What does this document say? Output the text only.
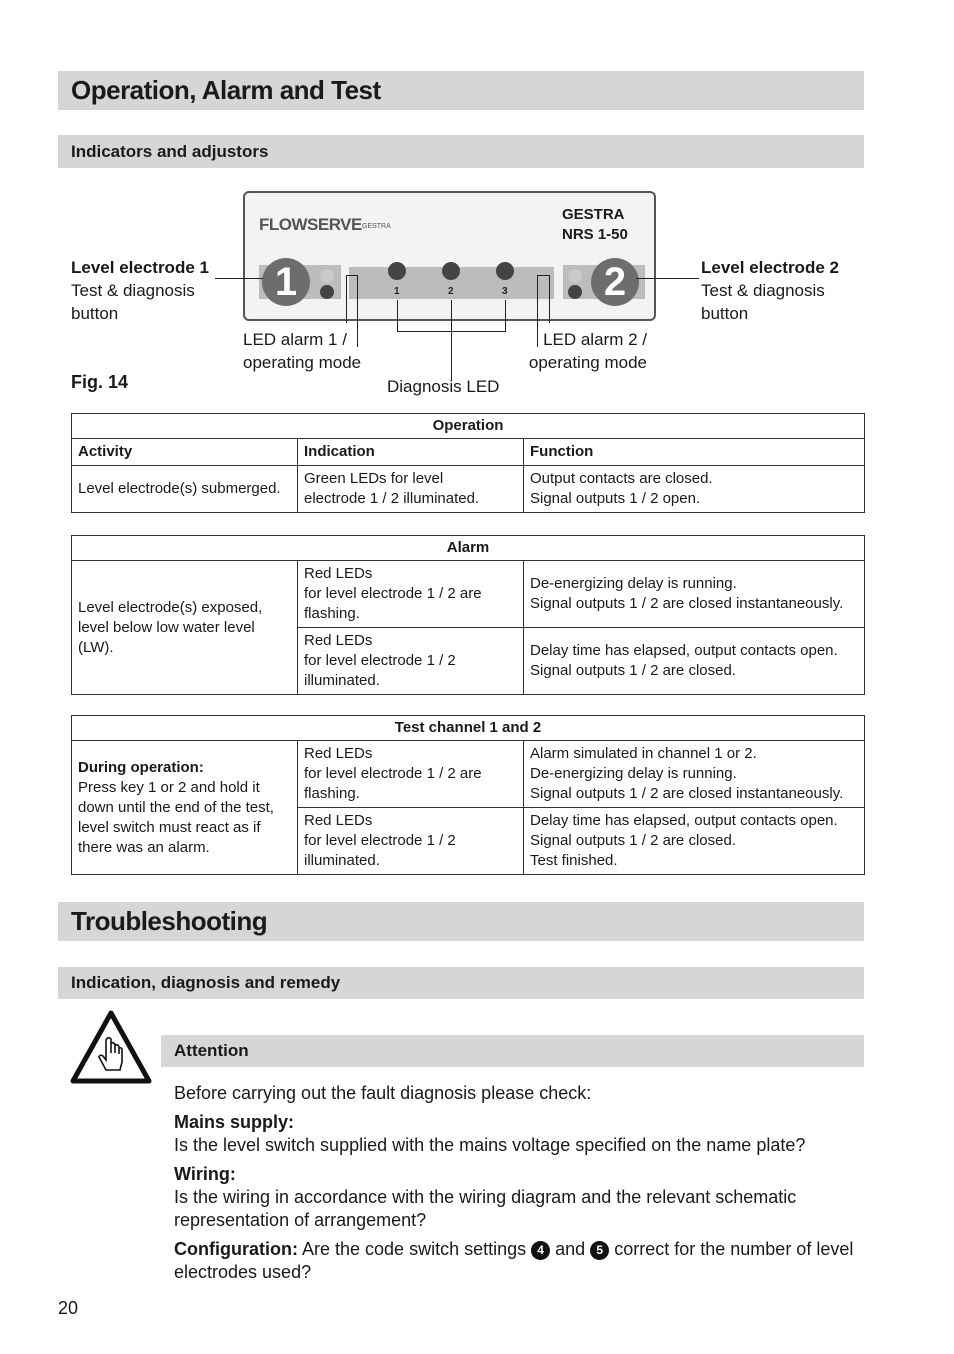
Operation, Alarm and Test
Indicators and adjustors
FLOWSERVE GESTRA
GESTRA
NRS 1-50
1	1	2	3	2
Level electrode 1
Test & diagnosis
button
Level electrode 2
Test & diagnosis
button
LED alarm 1 /
operating mode
LED alarm 2 /
operating mode
Diagnosis LED
Fig. 14
Operation		
Activity	Indication	Function
Level electrode(s) submerged.	Green LEDs for level
electrode 1 / 2 illuminated.	Output contacts are closed.
Signal outputs 1 / 2 open.
Alarm		
Level electrode(s) exposed,
level below low water level
(LW).	Red LEDs
for level electrode 1 / 2 are
flashing.	De-energizing delay is running.
Signal outputs 1 / 2 are closed instantaneously.
	Red LEDs
for level electrode 1 / 2
illuminated.	Delay time has elapsed, output contacts open.
Signal outputs 1 / 2 are closed.
Test channel 1 and 2		
During operation:
Press key 1 or 2 and hold it
down until the end of the test,
level switch must react as if
there was an alarm.	Red LEDs
for level electrode 1 / 2 are
flashing.	Alarm simulated in channel 1 or 2.
De-energizing delay is running.
Signal outputs 1 / 2 are closed instantaneously.
	Red LEDs
for level electrode 1 / 2
illuminated.	Delay time has elapsed, output contacts open.
Signal outputs 1 / 2 are closed.
Test finished.
Troubleshooting
Indication, diagnosis and remedy
Attention
Before carrying out the fault diagnosis please check:
Mains supply:
Is the level switch supplied with the mains voltage specified on the name plate?
Wiring:
Is the wiring in accordance with the wiring diagram and the relevant schematic representation of arrangement?
Configuration: Are the code switch settings 4 and 5 correct for the number of level electrodes used?
20
